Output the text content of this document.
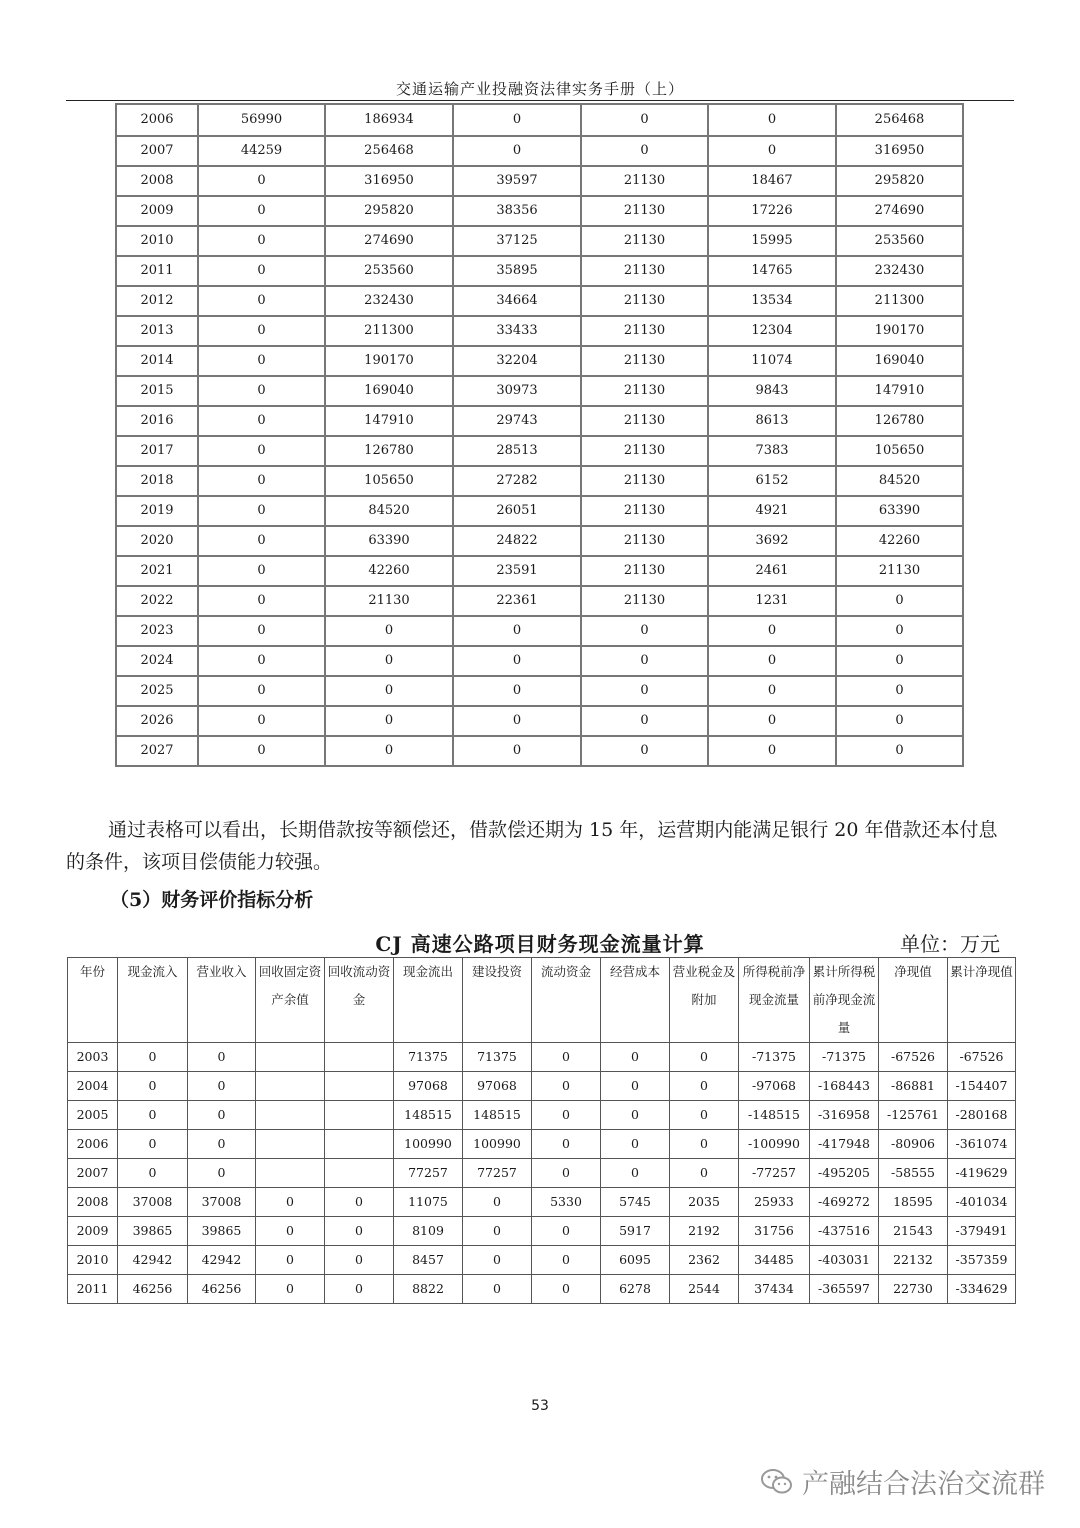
交通运输产业投融资法律实务手册（上）
2006	56990	186934	0	0	0	256468
2007	44259	256468	0	0	0	316950
2008	0	316950	39597	21130	18467	295820
2009	0	295820	38356	21130	17226	274690
2010	0	274690	37125	21130	15995	253560
2011	0	253560	35895	21130	14765	232430
2012	0	232430	34664	21130	13534	211300
2013	0	211300	33433	21130	12304	190170
2014	0	190170	32204	21130	11074	169040
2015	0	169040	30973	21130	9843	147910
2016	0	147910	29743	21130	8613	126780
2017	0	126780	28513	21130	7383	105650
2018	0	105650	27282	21130	6152	84520
2019	0	84520	26051	21130	4921	63390
2020	0	63390	24822	21130	3692	42260
2021	0	42260	23591	21130	2461	21130
2022	0	21130	22361	21130	1231	0
2023	0	0	0	0	0	0
2024	0	0	0	0	0	0
2025	0	0	0	0	0	0
2026	0	0	0	0	0	0
2027	0	0	0	0	0	0
通过表格可以看出，长期借款按等额偿还，借款偿还期为 15 年，运营期内能满足银行 20 年借款还本付息的条件，该项目偿债能力较强。
（5）财务评价指标分析
CJ 高速公路项目财务现金流量计算	单位：万元
年份	现金流入	营业收入	回收固定资产余值	回收流动资金	现金流出	建设投资	流动资金	经营成本	营业税金及附加	所得税前净现金流量	累计所得税前净现金流量	净现值	累计净现值
2003	0	0			71375	71375	0	0	0	-71375	-71375	-67526	-67526
2004	0	0			97068	97068	0	0	0	-97068	-168443	-86881	-154407
2005	0	0			148515	148515	0	0	0	-148515	-316958	-125761	-280168
2006	0	0			100990	100990	0	0	0	-100990	-417948	-80906	-361074
2007	0	0			77257	77257	0	0	0	-77257	-495205	-58555	-419629
2008	37008	37008	0	0	11075	0	5330	5745	2035	25933	-469272	18595	-401034
2009	39865	39865	0	0	8109	0	0	5917	2192	31756	-437516	21543	-379491
2010	42942	42942	0	0	8457	0	0	6095	2362	34485	-403031	22132	-357359
2011	46256	46256	0	0	8822	0	0	6278	2544	37434	-365597	22730	-334629
53
产融结合法治交流群
